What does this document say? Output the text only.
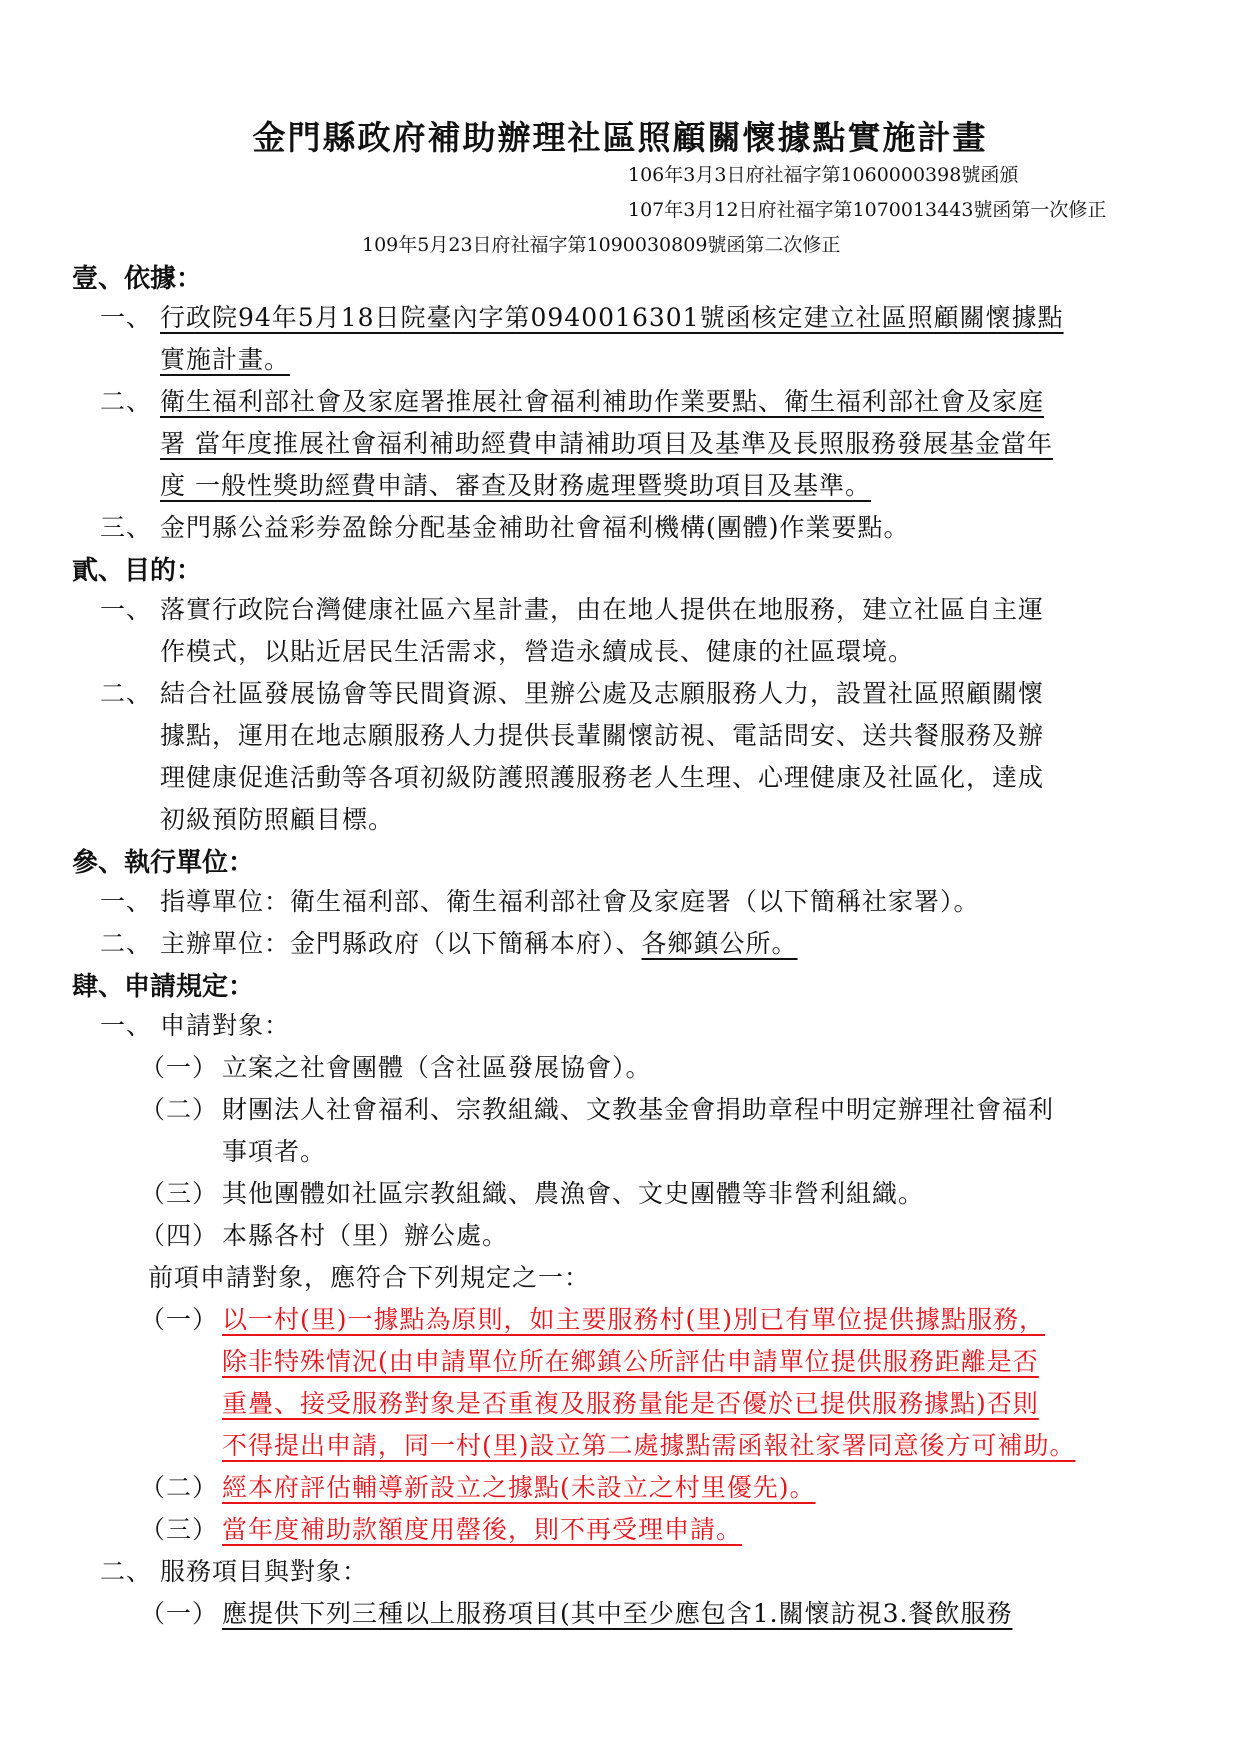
金門縣政府補助辦理社區照顧關懷據點實施計畫
106年3月3日府社福字第1060000398號函頒
107年3月12日府社福字第1070013443號函第一次修正
109年5月23日府社福字第1090030809號函第二次修正
壹、依據：
一、 行政院94年5月18日院臺內字第0940016301號函核定建立社區照顧關懷據點
實施計畫。
二、 衛生福利部社會及家庭署推展社會福利補助作業要點、衛生福利部社會及家庭
署 當年度推展社會福利補助經費申請補助項目及基準及長照服務發展基金當年
度 一般性獎助經費申請、審查及財務處理暨獎助項目及基準。
三、 金門縣公益彩券盈餘分配基金補助社會福利機構(團體)作業要點。
貳、目的：
一、 落實行政院台灣健康社區六星計畫，由在地人提供在地服務，建立社區自主運
作模式，以貼近居民生活需求，營造永續成長、健康的社區環境。
二、 結合社區發展協會等民間資源、里辦公處及志願服務人力，設置社區照顧關懷
據點，運用在地志願服務人力提供長輩關懷訪視、電話問安、送共餐服務及辦
理健康促進活動等各項初級防護照護服務老人生理、心理健康及社區化，達成
初級預防照顧目標。
參、執行單位：
一、 指導單位：衛生福利部、衛生福利部社會及家庭署（以下簡稱社家署）。
二、 主辦單位：金門縣政府（以下簡稱本府）、各鄉鎮公所。
肆、申請規定：
一、 申請對象：
（一） 立案之社會團體（含社區發展協會）。
（二） 財團法人社會福利、宗教組織、文教基金會捐助章程中明定辦理社會福利
事項者。
（三） 其他團體如社區宗教組織、農漁會、文史團體等非營利組織。
（四） 本縣各村（里）辦公處。
前項申請對象，應符合下列規定之一：
（一） 以一村(里)一據點為原則，如主要服務村(里)別已有單位提供據點服務，
除非特殊情況(由申請單位所在鄉鎮公所評估申請單位提供服務距離是否
重疊、接受服務對象是否重複及服務量能是否優於已提供服務據點)否則
不得提出申請，同一村(里)設立第二處據點需函報社家署同意後方可補助。
（二） 經本府評估輔導新設立之據點(未設立之村里優先)。
（三） 當年度補助款額度用罄後，則不再受理申請。
二、 服務項目與對象：
（一） 應提供下列三種以上服務項目(其中至少應包含1.關懷訪視3.餐飲服務
